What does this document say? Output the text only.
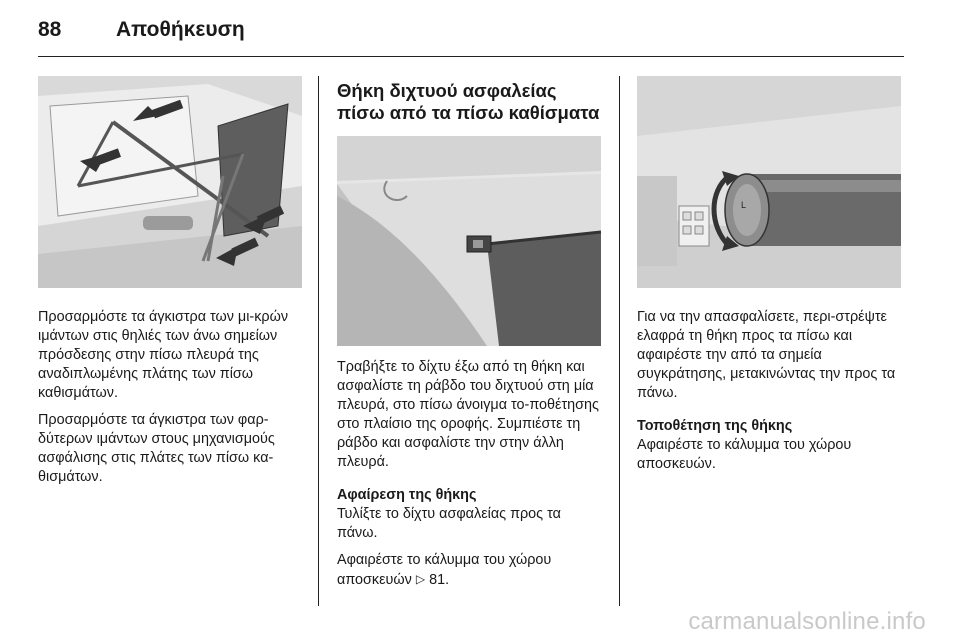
88	Αποθήκευση

Προσαρμόστε τα άγκιστρα των μι-κρών ιμάντων στις θηλιές των άνω σημείων πρόσδεσης στην πίσω πλευρά της αναδιπλωμένης πλάτης των πίσω καθισμάτων.

Προσαρμόστε τα άγκιστρα των φαρ-δύτερων ιμάντων στους μηχανισμούς ασφάλισης στις πλάτες των πίσω κα-θισμάτων.

Θήκη διχτυού ασφαλείας πίσω από τα πίσω καθίσματα

Τραβήξτε το δίχτυ έξω από τη θήκη και ασφαλίστε τη ράβδο του διχτυού στη μία πλευρά, στο πίσω άνοιγμα το-ποθέτησης στο πλαίσιο της οροφής. Συμπιέστε τη ράβδο και ασφαλίστε την στην άλλη πλευρά.

Αφαίρεση της θήκης

Τυλίξτε το δίχτυ ασφαλείας προς τα πάνω.

Αφαιρέστε το κάλυμμα του χώρου αποσκευών ▷ 81.

L

Για να την απασφαλίσετε, περι-στρέψτε ελαφρά τη θήκη προς τα πίσω και αφαιρέστε την από τα σημεία συγκράτησης, μετακινώντας την προς τα πάνω.

Τοποθέτηση της θήκης

Αφαιρέστε το κάλυμμα του χώρου αποσκευών.

carmanualsonline.info
